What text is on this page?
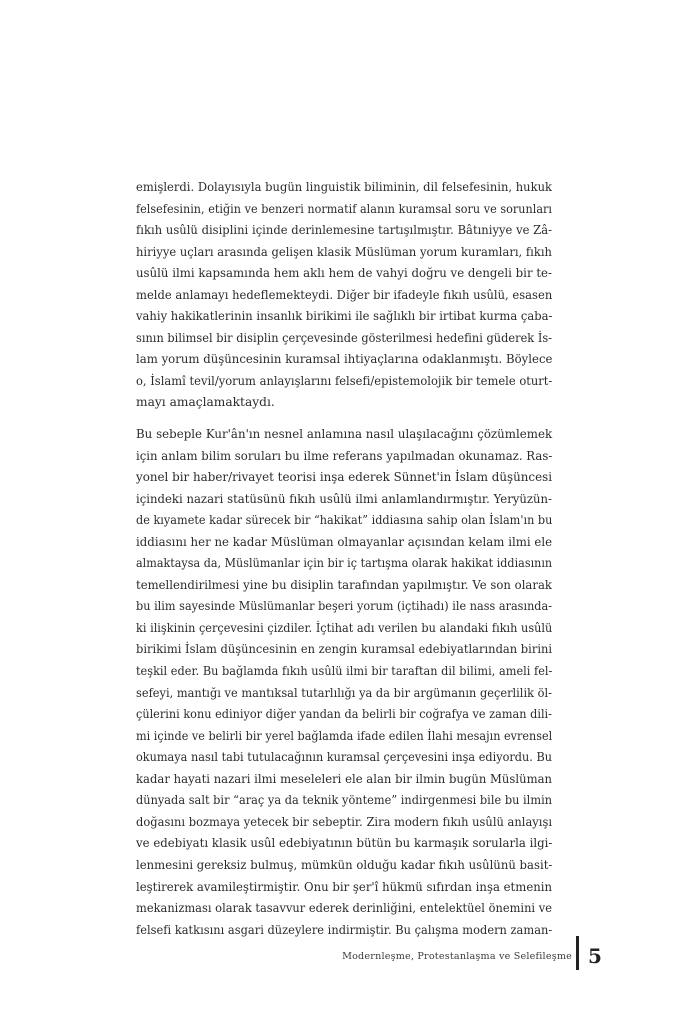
emişlerdi. Dolayısıyla bugün linguistik biliminin, dil felsefesinin, hukuk
felsefesinin, etiğin ve benzeri normatif alanın kuramsal soru ve sorunları
fıkıh usûlü disiplini içinde derinlemesine tartışılmıştır. Bâtıniyye ve Zâ-
hiriyye uçları arasında gelişen klasik Müslüman yorum kuramları, fıkıh
usûlü ilmi kapsamında hem aklı hem de vahyi doğru ve dengeli bir te-
melde anlamayı hedeflemekteydi. Diğer bir ifadeyle fıkıh usûlü, esasen
vahiy hakikatlerinin insanlık birikimi ile sağlıklı bir irtibat kurma çaba-
sının bilimsel bir disiplin çerçevesinde gösterilmesi hedefini güderek İs-
lam yorum düşüncesinin kuramsal ihtiyaçlarına odaklanmıştı. Böylece
o, İslamî tevil/yorum anlayışlarını felsefi/epistemolojik bir temele oturt-
mayı amaçlamaktaydı.

Bu sebeple Kur'ân'ın nesnel anlamına nasıl ulaşılacağını çözümlemek
için anlam bilim soruları bu ilme referans yapılmadan okunamaz. Ras-
yonel bir haber/rivayet teorisi inşa ederek Sünnet'in İslam düşüncesi
içindeki nazari statüsünü fıkıh usûlü ilmi anlamlandırmıştır. Yeryüzün-
de kıyamete kadar sürecek bir “hakikat” iddiasına sahip olan İslam'ın bu
iddiasını her ne kadar Müslüman olmayanlar açısından kelam ilmi ele
almaktaysa da, Müslümanlar için bir iç tartışma olarak hakikat iddiasının
temellendirilmesi yine bu disiplin tarafından yapılmıştır. Ve son olarak
bu ilim sayesinde Müslümanlar beşeri yorum (içtihadı) ile nass arasında-
ki ilişkinin çerçevesini çizdiler. İçtihat adı verilen bu alandaki fıkıh usûlü
birikimi İslam düşüncesinin en zengin kuramsal edebiyatlarından birini
teşkil eder. Bu bağlamda fıkıh usûlü ilmi bir taraftan dil bilimi, ameli fel-
sefeyi, mantığı ve mantıksal tutarlılığı ya da bir argümanın geçerlilik öl-
çülerini konu ediniyor diğer yandan da belirli bir coğrafya ve zaman dili-
mi içinde ve belirli bir yerel bağlamda ifade edilen İlahi mesajın evrensel
okumaya nasıl tabi tutulacağının kuramsal çerçevesini inşa ediyordu. Bu
kadar hayati nazari ilmi meseleleri ele alan bir ilmin bugün Müslüman
dünyada salt bir “araç ya da teknik yönteme” indirgenmesi bile bu ilmin
doğasını bozmaya yetecek bir sebeptir. Zira modern fıkıh usûlü anlayışı
ve edebiyatı klasik usûl edebiyatının bütün bu karmaşık sorularla ilgi-
lenmesini gereksiz bulmuş, mümkün olduğu kadar fıkıh usûlünü basit-
leştirerek avamileştirmiştir. Onu bir şer'î hükmü sıfırdan inşa etmenin
mekanizması olarak tasavvur ederek derinliğini, entelektüel önemini ve
felsefi katkısını asgari düzeylere indirmiştir. Bu çalışma modern zaman-

Modernleşme, Protestanlaşma ve Selefileşme 5
